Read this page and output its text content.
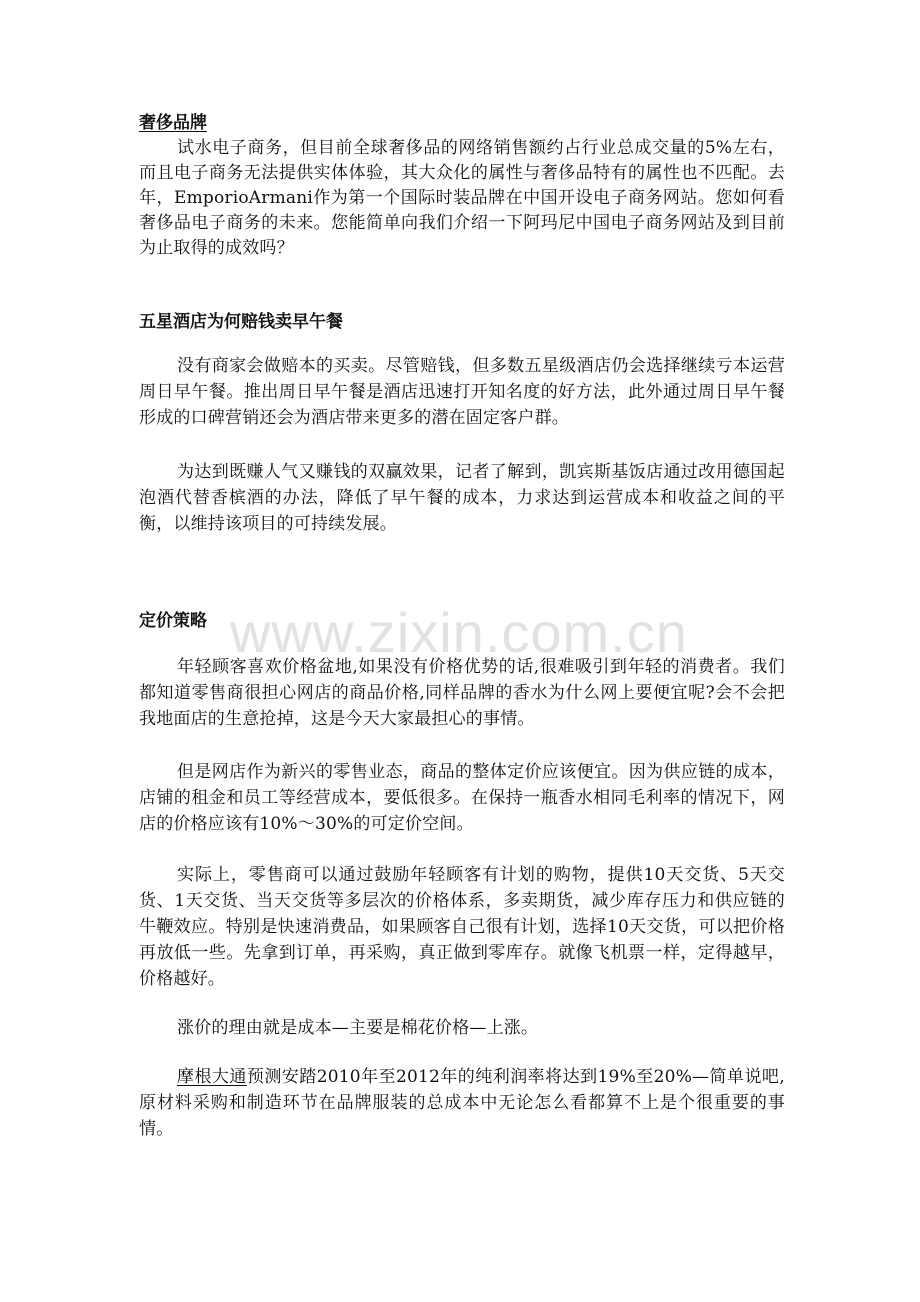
www.zixin.com.cn
奢侈品牌

试水电子商务，但目前全球奢侈品的网络销售额约占行业总成交量的5%左右，而且电子商务无法提供实体体验，其大众化的属性与奢侈品特有的属性也不匹配。去年，EmporioArmani作为第一个国际时装品牌在中国开设电子商务网站。您如何看奢侈品电子商务的未来。您能简单向我们介绍一下阿玛尼中国电子商务网站及到目前为止取得的成效吗？

五星酒店为何赔钱卖早午餐

没有商家会做赔本的买卖。尽管赔钱，但多数五星级酒店仍会选择继续亏本运营周日早午餐。推出周日早午餐是酒店迅速打开知名度的好方法，此外通过周日早午餐形成的口碑营销还会为酒店带来更多的潜在固定客户群。

为达到既赚人气又赚钱的双赢效果，记者了解到，凯宾斯基饭店通过改用德国起泡酒代替香槟酒的办法，降低了早午餐的成本，力求达到运营成本和收益之间的平衡，以维持该项目的可持续发展。

定价策略

年轻顾客喜欢价格盆地,如果没有价格优势的话,很难吸引到年轻的消费者。我们都知道零售商很担心网店的商品价格,同样品牌的香水为什么网上要便宜呢?会不会把我地面店的生意抢掉，这是今天大家最担心的事情。

但是网店作为新兴的零售业态，商品的整体定价应该便宜。因为供应链的成本，店铺的租金和员工等经营成本，要低很多。在保持一瓶香水相同毛利率的情况下，网店的价格应该有10%～30%的可定价空间。

实际上，零售商可以通过鼓励年轻顾客有计划的购物，提供10天交货、5天交货、1天交货、当天交货等多层次的价格体系，多卖期货，减少库存压力和供应链的牛鞭效应。特别是快速消费品，如果顾客自己很有计划，选择10天交货，可以把价格再放低一些。先拿到订单，再采购，真正做到零库存。就像飞机票一样，定得越早，价格越好。

涨价的理由就是成本—主要是棉花价格—上涨。

摩根大通预测安踏2010年至2012年的纯利润率将达到19%至20%—简单说吧,原材料采购和制造环节在品牌服装的总成本中无论怎么看都算不上是个很重要的事情。
